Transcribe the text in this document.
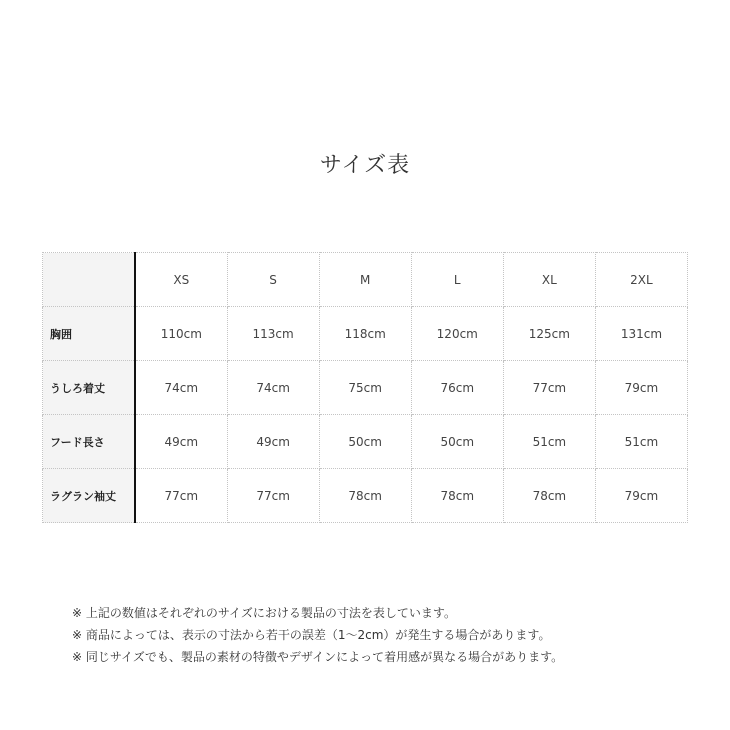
サイズ表
	XS	S	M	L	XL	2XL
胸囲	110cm	113cm	118cm	120cm	125cm	131cm
うしろ着丈	74cm	74cm	75cm	76cm	77cm	79cm
フード長さ	49cm	49cm	50cm	50cm	51cm	51cm
ラグラン袖丈	77cm	77cm	78cm	78cm	78cm	79cm
※ 上記の数値はそれぞれのサイズにおける製品の寸法を表しています。
※ 商品によっては、表示の寸法から若干の誤差（1～2cm）が発生する場合があります。
※ 同じサイズでも、製品の素材の特徴やデザインによって着用感が異なる場合があります。
